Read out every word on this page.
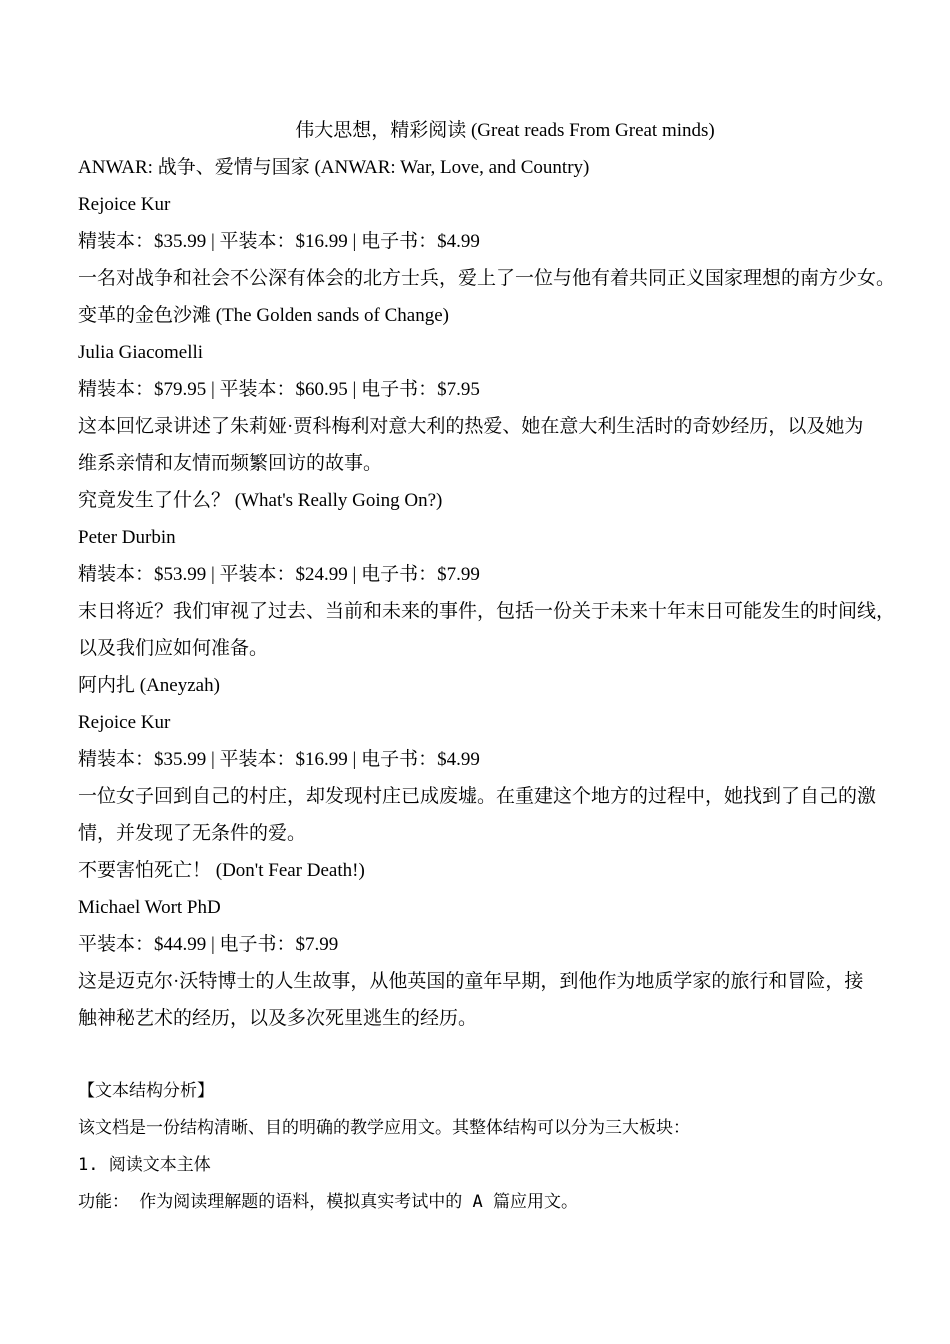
伟大思想，精彩阅读 (Great reads From Great minds)

ANWAR: 战争、爱情与国家 (ANWAR: War, Love, and Country)

Rejoice Kur

精装本：$35.99 | 平装本：$16.99 | 电子书：$4.99

一名对战争和社会不公深有体会的北方士兵，爱上了一位与他有着共同正义国家理想的南方少女。

变革的金色沙滩 (The Golden sands of Change)

Julia Giacomelli

精装本：$79.95 | 平装本：$60.95 | 电子书：$7.95

这本回忆录讲述了朱莉娅·贾科梅利对意大利的热爱、她在意大利生活时的奇妙经历，以及她为

维系亲情和友情而频繁回访的故事。

究竟发生了什么？ (What's Really Going On?)

Peter Durbin

精装本：$53.99 | 平装本：$24.99 | 电子书：$7.99

末日将近？我们审视了过去、当前和未来的事件，包括一份关于未来十年末日可能发生的时间线，

以及我们应如何准备。

阿内扎 (Aneyzah)

Rejoice Kur

精装本：$35.99 | 平装本：$16.99 | 电子书：$4.99

一位女子回到自己的村庄，却发现村庄已成废墟。在重建这个地方的过程中，她找到了自己的激

情，并发现了无条件的爱。

不要害怕死亡！ (Don't Fear Death!)

Michael Wort PhD

平装本：$44.99 | 电子书：$7.99

这是迈克尔·沃特博士的人生故事，从他英国的童年早期，到他作为地质学家的旅行和冒险，接

触神秘艺术的经历，以及多次死里逃生的经历。

【文本结构分析】

该文档是一份结构清晰、目的明确的教学应用文。其整体结构可以分为三大板块：

1. 阅读文本主体

功能： 作为阅读理解题的语料，模拟真实考试中的 A 篇应用文。
